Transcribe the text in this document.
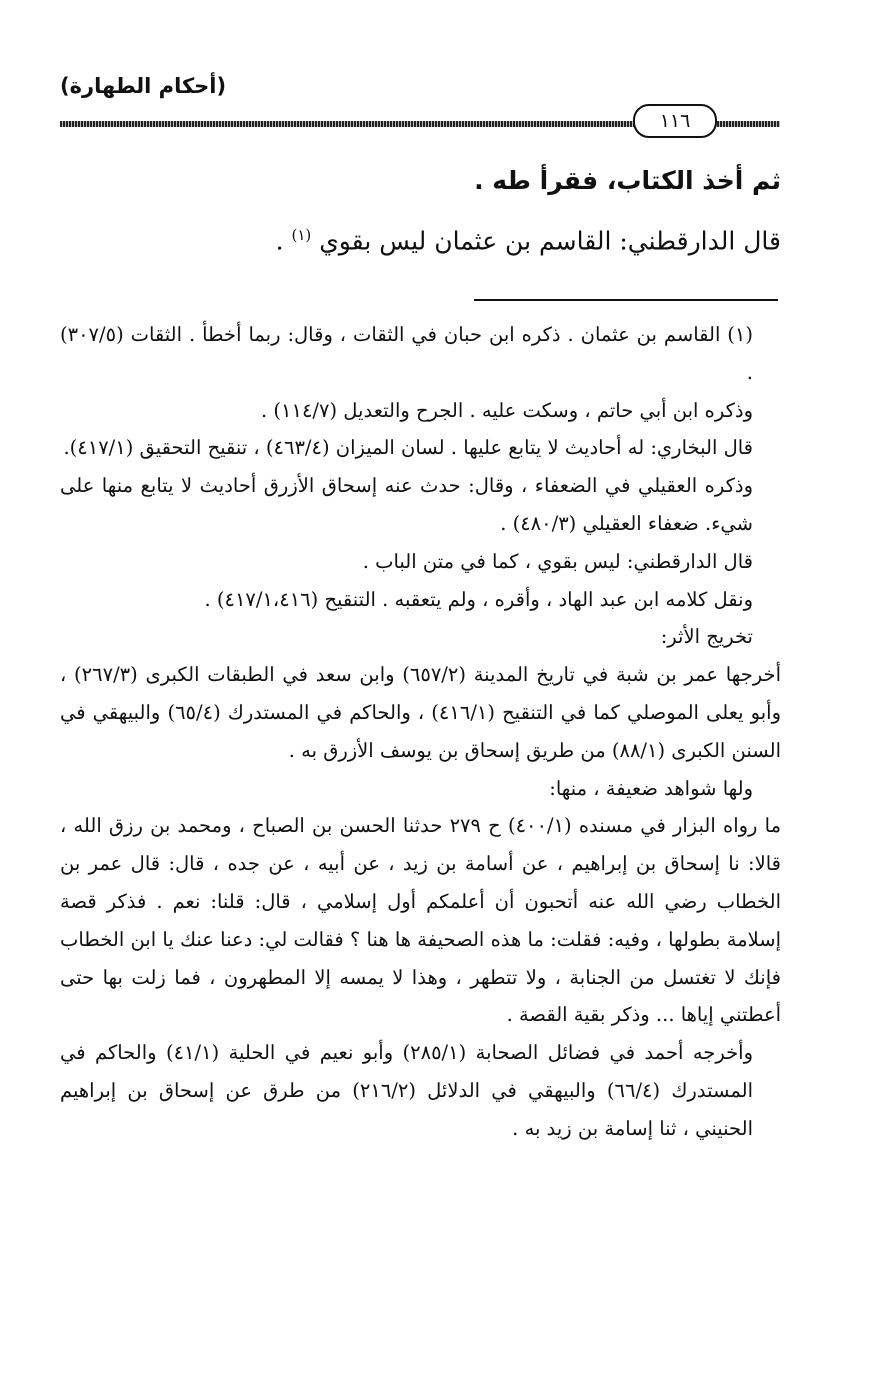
(أحكام الطهارة)
١١٦
ثم أخذ الكتاب، فقرأ طه .
قال الدارقطني: القاسم بن عثمان ليس بقوي $^{(١)}$ .

(١) القاسم بن عثمان . ذكره ابن حبان في الثقات ، وقال: ربما أخطأ . الثقات (٣٠٧/٥) .

وذكره ابن أبي حاتم ، وسكت عليه . الجرح والتعديل (١١٤/٧) .

قال البخاري: له أحاديث لا يتابع عليها . لسان الميزان (٤٦٣/٤) ، تنقيح التحقيق (٤١٧/١).

وذكره العقيلي في الضعفاء ، وقال: حدث عنه إسحاق الأزرق أحاديث لا يتابع منها على شيء. ضعفاء العقيلي (٤٨٠/٣) .

قال الدارقطني: ليس بقوي ، كما في متن الباب .

ونقل كلامه ابن عبد الهاد ، وأقره ، ولم يتعقبه . التنقيح (٤١٧/١،٤١٦) .

تخريج الأثر:

أخرجها عمر بن شبة في تاريخ المدينة (٦٥٧/٢) وابن سعد في الطبقات الكبرى (٢٦٧/٣) ، وأبو يعلى الموصلي كما في التنقيح (٤١٦/١) ، والحاكم في المستدرك (٦٥/٤) والبيهقي في السنن الكبرى (٨٨/١) من طريق إسحاق بن يوسف الأزرق به .

ولها شواهد ضعيفة ، منها:

ما رواه البزار في مسنده (٤٠٠/١) ح ٢٧٩ حدثنا الحسن بن الصباح ، ومحمد بن رزق الله ، قالا: نا إسحاق بن إبراهيم ، عن أسامة بن زيد ، عن أبيه ، عن جده ، قال: قال عمر بن الخطاب رضي الله عنه أتحبون أن أعلمكم أول إسلامي ، قال: قلنا: نعم . فذكر قصة إسلامة بطولها ، وفيه: فقلت: ما هذه الصحيفة ها هنا ؟ فقالت لي: دعنا عنك يا ابن الخطاب فإنك لا تغتسل من الجنابة ، ولا تتطهر ، وهذا لا يمسه إلا المطهرون ، فما زلت بها حتى أعطتني إياها ... وذكر بقية القصة .

وأخرجه أحمد في فضائل الصحابة (٢٨٥/١) وأبو نعيم في الحلية (٤١/١) والحاكم في المستدرك (٦٦/٤) والبيهقي في الدلائل (٢١٦/٢) من طرق عن إسحاق بن إبراهيم الحنيني ، ثنا إسامة بن زيد به .
